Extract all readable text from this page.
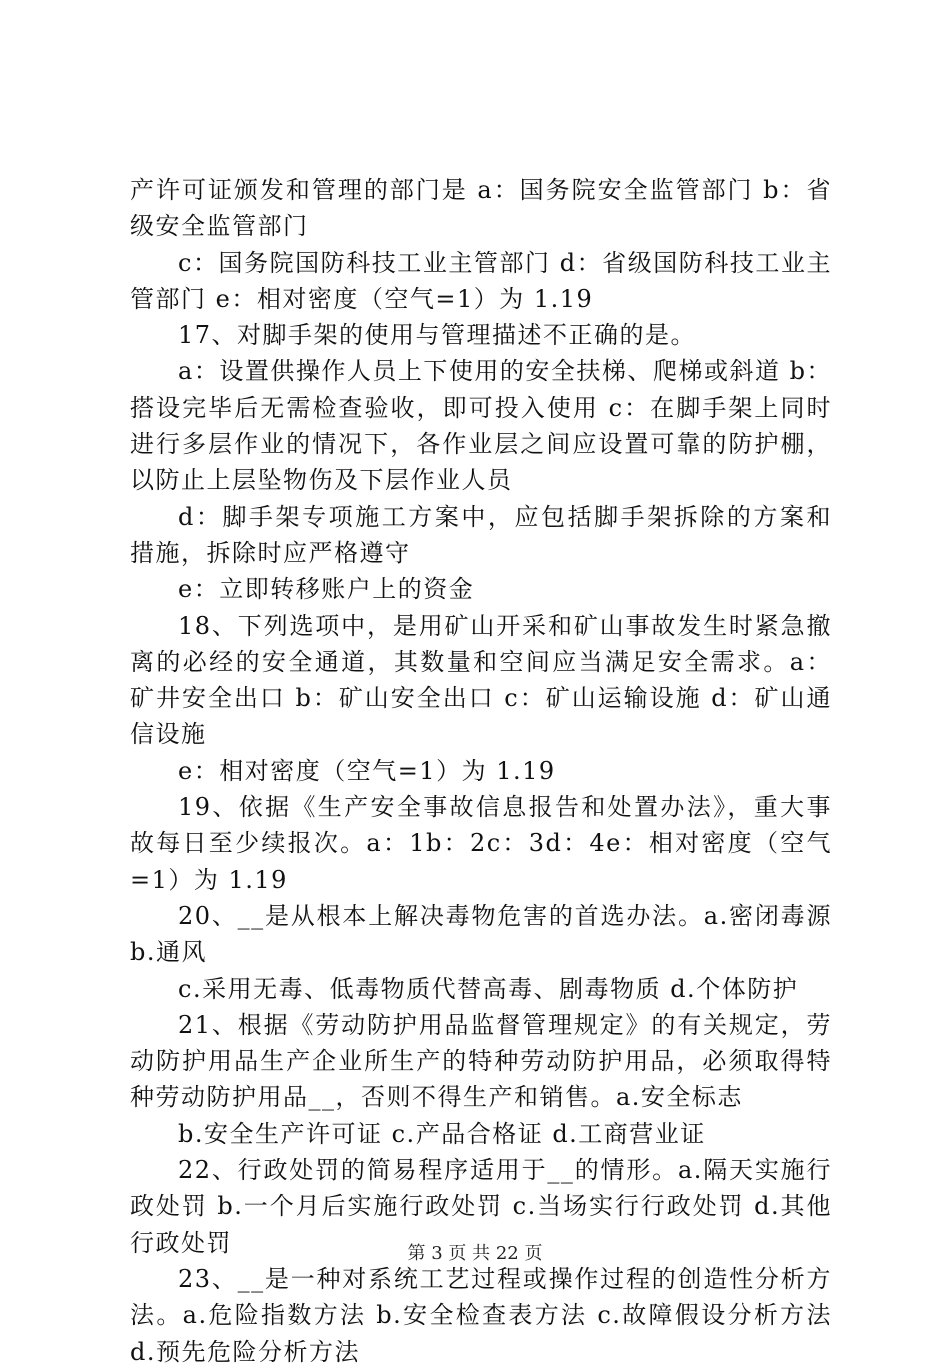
产许可证颁发和管理的部门是 a：国务院安全监管部门 b：省级安全监管部门

c：国务院国防科技工业主管部门 d：省级国防科技工业主管部门 e：相对密度（空气=1）为 1.19

17、对脚手架的使用与管理描述不正确的是。

a：设置供操作人员上下使用的安全扶梯、爬梯或斜道 b：搭设完毕后无需检查验收，即可投入使用 c：在脚手架上同时进行多层作业的情况下，各作业层之间应设置可靠的防护棚，以防止上层坠物伤及下层作业人员

d：脚手架专项施工方案中，应包括脚手架拆除的方案和措施，拆除时应严格遵守

e：立即转移账户上的资金

18、下列选项中，是用矿山开采和矿山事故发生时紧急撤离的必经的安全通道，其数量和空间应当满足安全需求。a：矿井安全出口 b：矿山安全出口 c：矿山运输设施 d：矿山通信设施

e：相对密度（空气=1）为 1.19

19、依据《生产安全事故信息报告和处置办法》，重大事故每日至少续报次。a：1b：2c：3d：4e：相对密度（空气=1）为 1.19

20、__是从根本上解决毒物危害的首选办法。a.密闭毒源 b.通风

c.采用无毒、低毒物质代替高毒、剧毒物质 d.个体防护

21、根据《劳动防护用品监督管理规定》的有关规定，劳动防护用品生产企业所生产的特种劳动防护用品，必须取得特种劳动防护用品__，否则不得生产和销售。a.安全标志

b.安全生产许可证 c.产品合格证 d.工商营业证

22、行政处罚的简易程序适用于__的情形。a.隔天实施行政处罚 b.一个月后实施行政处罚 c.当场实行行政处罚 d.其他行政处罚

23、__是一种对系统工艺过程或操作过程的创造性分析方法。a.危险指数方法 b.安全检查表方法 c.故障假设分析方法 d.预先危险分析方法

第 3 页 共 22 页
